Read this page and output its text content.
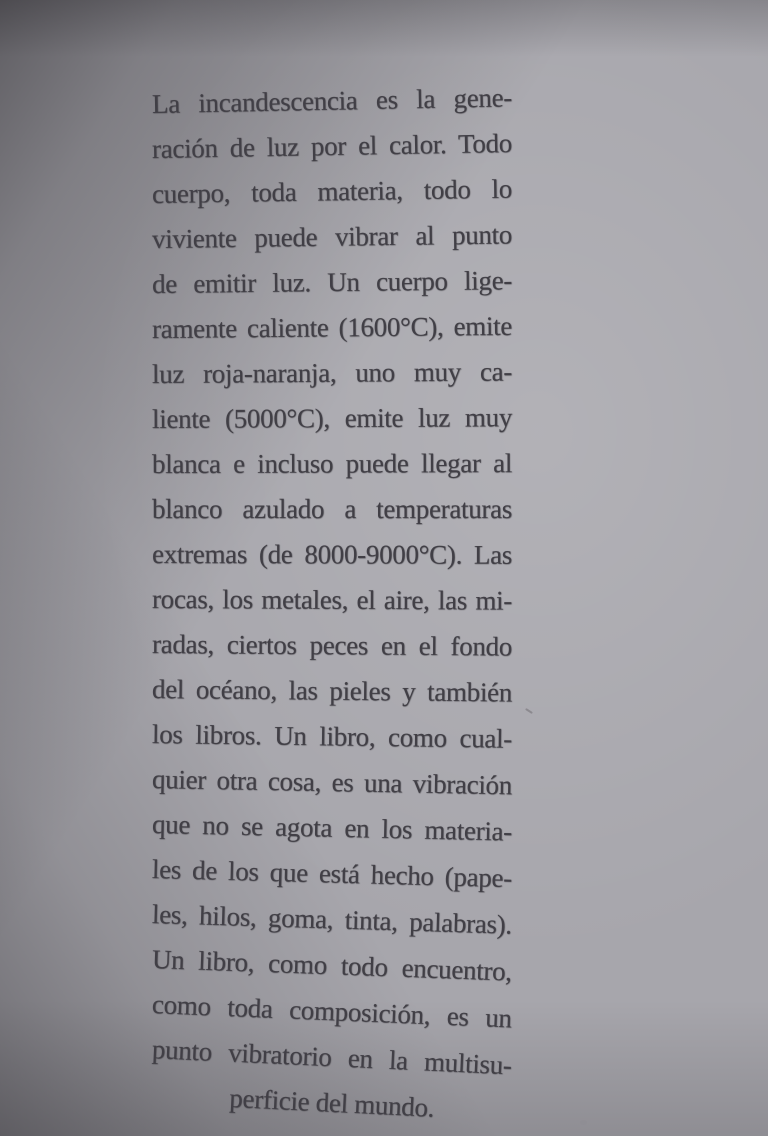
La incandescencia es la gene-
ración de luz por el calor. Todo
cuerpo, toda materia, todo lo
viviente puede vibrar al punto
de emitir luz. Un cuerpo lige-
ramente caliente (1600°C), emite
luz roja-naranja, uno muy ca-
liente (5000°C), emite luz muy
blanca e incluso puede llegar al
blanco azulado a temperaturas
extremas (de 8000-9000°C). Las
rocas, los metales, el aire, las mi-
radas, ciertos peces en el fondo
del océano, las pieles y también
los libros. Un libro, como cual-
quier otra cosa, es una vibración
que no se agota en los materia-
les de los que está hecho (pape-
les, hilos, goma, tinta, palabras).
Un libro, como todo encuentro,
como toda composición, es un
punto vibratorio en la multisu-
perficie del mundo.
